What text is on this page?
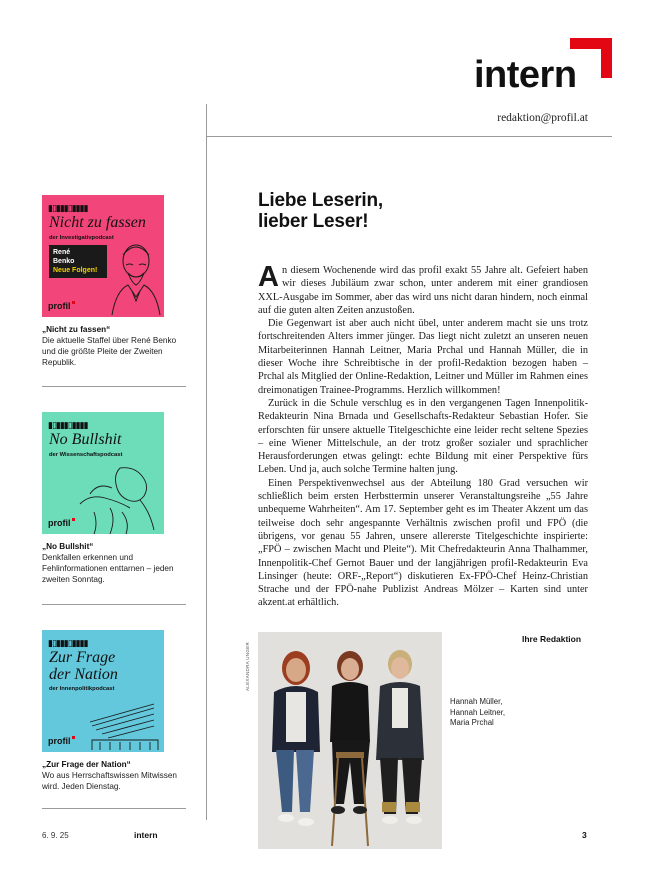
intern
redaktion@profil.at
▮▯▮▮▮▯▮▮▮▮
Nicht zu fassen
der Investigativpodcast
René
Benko
Neue Folgen!
profil
„Nicht zu fassen“
Die aktuelle Staffel über René Benko und die größte Pleite der Zweiten Republik.
▮▯▮▮▮▯▮▮▮▮
No Bullshit
der Wissenschaftspodcast
profil
„No Bullshit“
Denkfallen erkennen und Fehlinformationen enttarnen – jeden zweiten Sonntag.
▮▯▮▮▮▯▮▮▮▮
Zur Frage
der Nation
der Innenpolitikpodcast
profil
„Zur Frage der Nation“
Wo aus Herrschaftswissen Mitwissen wird. Jeden Dienstag.
Liebe Leserin,
lieber Leser!

An diesem Wochenende wird das profil exakt 55 Jahre alt. Gefeiert haben wir dieses Jubiläum zwar schon, unter anderem mit einer grandiosen XXL-Ausgabe im Sommer, aber das wird uns nicht daran hindern, noch einmal auf die guten alten Zeiten anzustoßen.

Die Gegenwart ist aber auch nicht übel, unter anderem macht sie uns trotz fortschreitenden Alters immer jünger. Das liegt nicht zuletzt an unseren neuen Mitarbeiterinnen Hannah Leitner, Maria Prchal und Hannah Müller, die in dieser Woche ihre Schreibtische in der profil-Redaktion bezogen haben – Prchal als Mitglied der Online-Redaktion, Leitner und Müller im Rahmen eines dreimonatigen Trainee-Programms. Herzlich willkommen!

Zurück in die Schule verschlug es in den vergangenen Tagen Innenpolitik-Redakteurin Nina Brnada und Gesellschafts-Redakteur Sebastian Hofer. Sie erforschten für unsere aktuelle Titelgeschichte eine leider recht seltene Spezies – eine Wiener Mittelschule, an der trotz großer sozialer und sprachlicher Herausforderungen etwas gelingt: echte Bildung mit einer Perspektive fürs Leben. Und ja, auch solche Termine halten jung.

Einen Perspektivenwechsel aus der Abteilung 180 Grad versuchen wir schließlich beim ersten Herbsttermin unserer Veranstaltungsreihe „55 Jahre unbequeme Wahrheiten“. Am 17. September geht es im Theater Akzent um das teilweise doch sehr angespannte Verhältnis zwischen profil und FPÖ (die übrigens, vor genau 55 Jahren, unsere allererste Titelgeschichte inspirierte: „FPÖ – zwischen Macht und Pleite“). Mit Chefredakteurin Anna Thalhammer, Innenpolitik-Chef Gernot Bauer und der langjährigen profil-Redakteurin Eva Linsinger (heute: ORF-„Report“) diskutieren Ex-FPÖ-Chef Heinz-Christian Strache und der FPÖ-nahe Publizist Andreas Mölzer – Karten sind unter akzent.at erhältlich.

Ihre Redaktion
ALEXANDRA UNGER
Hannah Müller,
Hannah Leitner,
Maria Prchal
6. 9. 25	intern	3
